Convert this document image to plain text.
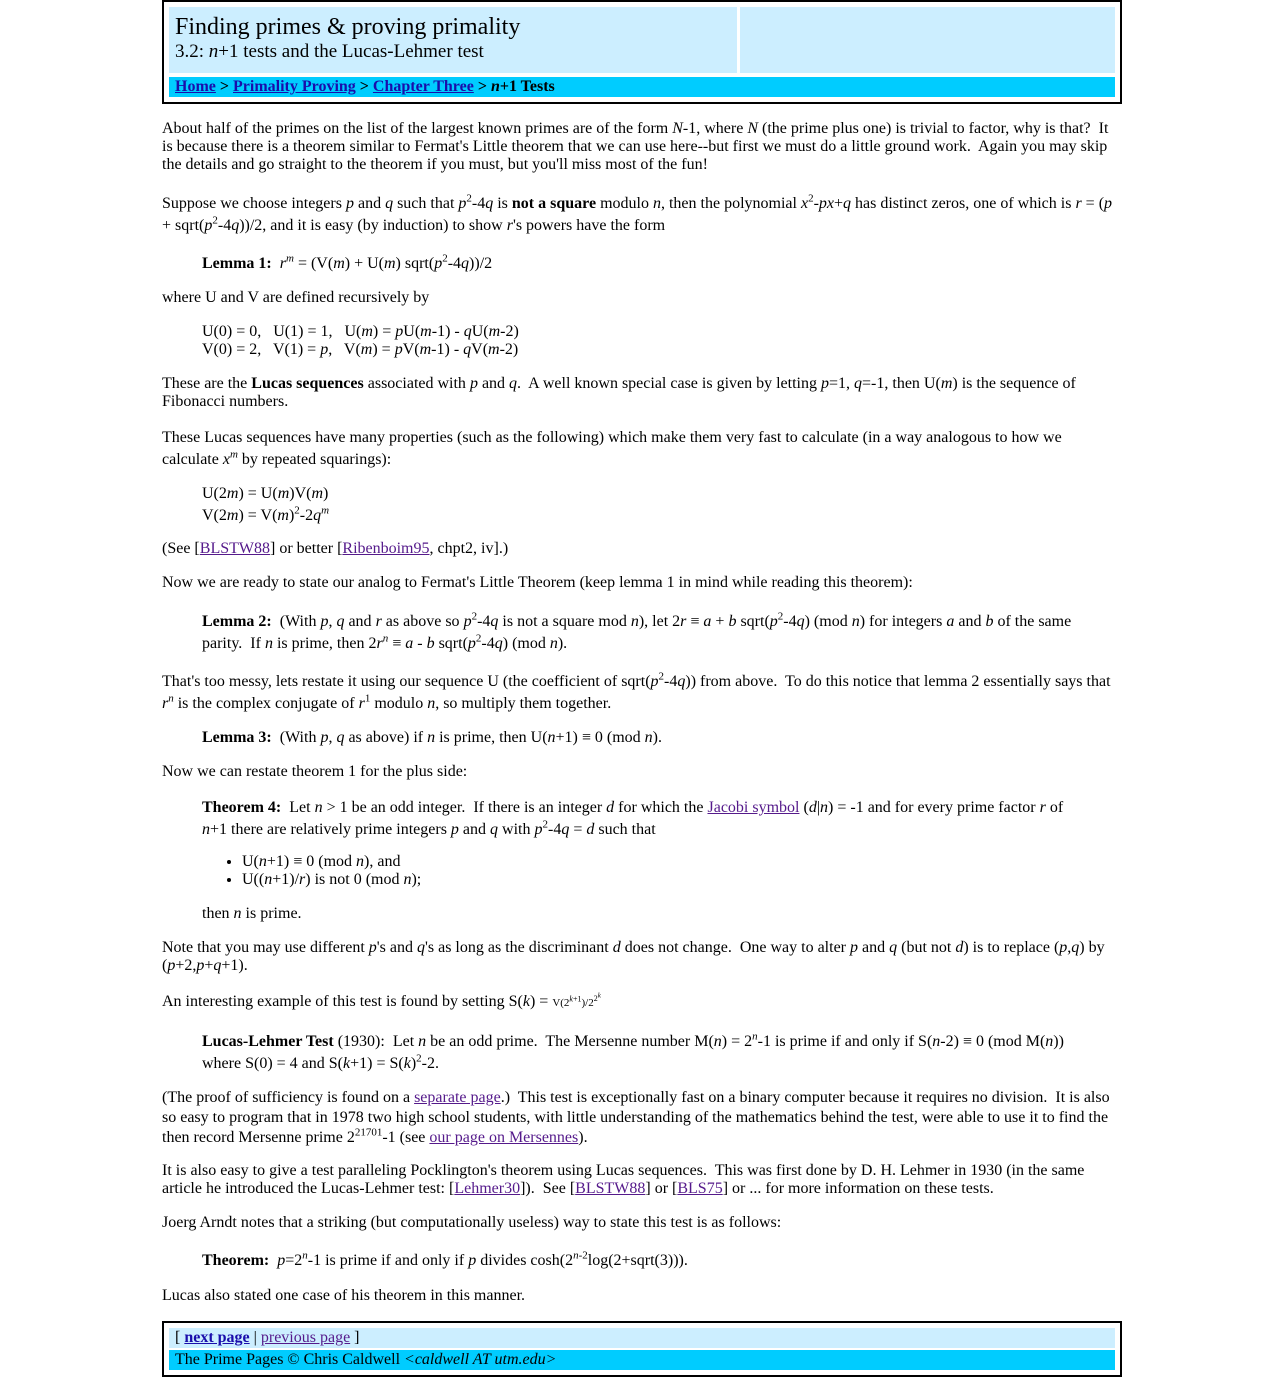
Finding primes & proving primality
3.2: n+1 tests and the Lucas-Lehmer test
Home > Primality Proving > Chapter Three > n+1 Tests

About half of the primes on the list of the largest known primes are of the form N-1, where N (the prime plus one) is trivial to factor, why is that?  It is because there is a theorem similar to Fermat's Little theorem that we can use here--but first we must do a little ground work.  Again you may skip the details and go straight to the theorem if you must, but you'll miss most of the fun!

Suppose we choose integers p and q such that $p^2-4q$ is not a square modulo n, then the polynomial $x^2-px+q$ has distinct zeros, one of which is $r = (p + sqrt(p^2-4q))/2$, and it is easy (by induction) to show r's powers have the form

Lemma 1: $r^m = (V(m) + U(m)$ $sqrt(p^2-4q))/2$

where U and V are defined recursively by

U(0) = 0,   U(1) = 1,   U(m) = pU(m-1) - qU(m-2)
V(0) = 2,   V(1) = p,   V(m) = pV(m-1) - qV(m-2)

These are the Lucas sequences associated with p and q.  A well known special case is given by letting p=1, q=-1, then U(m) is the sequence of Fibonacci numbers.

These Lucas sequences have many properties (such as the following) which make them very fast to calculate (in a way analogous to how we calculate $x^m$ by repeated squarings):

U(2m) = U(m)V(m)
$V(2m) = V(m)^2-2q^m$

(See [BLSTW88] or better [Ribenboim95, chpt2, iv].)

Now we are ready to state our analog to Fermat's Little Theorem (keep lemma 1 in mind while reading this theorem):

Lemma 2:  (With p, q and r as above so $p^2-4q$ is not a square mod n), let 2r ≡ a + b $sqrt(p^2-4q)$ (mod n) for integers a and b of the same parity.  If n is prime, then $2r^n \equiv a - b$ $sqrt(p^2-4q)$ (mod n).

That's too messy, lets restate it using our sequence U (the coefficient of $sqrt(p^2-4q)$) from above.  To do this notice that lemma 2 essentially says that $r^n$ is the complex conjugate of $r^1$ modulo n, so multiply them together.

Lemma 3:  (With p, q as above) if n is prime, then U(n+1) ≡ 0 (mod n).

Now we can restate theorem 1 for the plus side:

Theorem 4:  Let n > 1 be an odd integer.  If there is an integer d for which the Jacobi symbol (d|n) = -1 and for every prime factor r of n+1 there are relatively prime integers p and q with $p^2-4q = d$ such that

• U(n+1) ≡ 0 (mod n), and
• U((n+1)/r) is not 0 (mod n);

then n is prime.

Note that you may use different p's and q's as long as the discriminant d does not change.  One way to alter p and q (but not d) is to replace (p,q) by (p+2,p+q+1).

An interesting example of this test is found by setting $S(k) = V(2^{k+1})/2^{2^k}$

Lucas-Lehmer Test (1930):  Let n be an odd prime.  The Mersenne number $M(n) = 2^n-1$ is prime if and only if S(n-2) ≡ 0 (mod M(n)) where S(0) = 4 and $S(k+1) = S(k)^2-2$.

(The proof of sufficiency is found on a separate page.)  This test is exceptionally fast on a binary computer because it requires no division.  It is also so easy to program that in 1978 two high school students, with little understanding of the mathematics behind the test, were able to use it to find the then record Mersenne prime $2^{21701}-1$ (see our page on Mersennes).

It is also easy to give a test paralleling Pocklington's theorem using Lucas sequences.  This was first done by D. H. Lehmer in 1930 (in the same article he introduced the Lucas-Lehmer test: [Lehmer30]).  See [BLSTW88] or [BLS75] or ... for more information on these tests.

Joerg Arndt notes that a striking (but computationally useless) way to state this test is as follows:

Theorem: $p=2^n-1$ is prime if and only if p divides $\cosh(2^{n-2}\log(2+sqrt(3)))$.

Lucas also stated one case of his theorem in this manner.

[ next page | previous page ]
The Prime Pages © Chris Caldwell <caldwell AT utm.edu>
